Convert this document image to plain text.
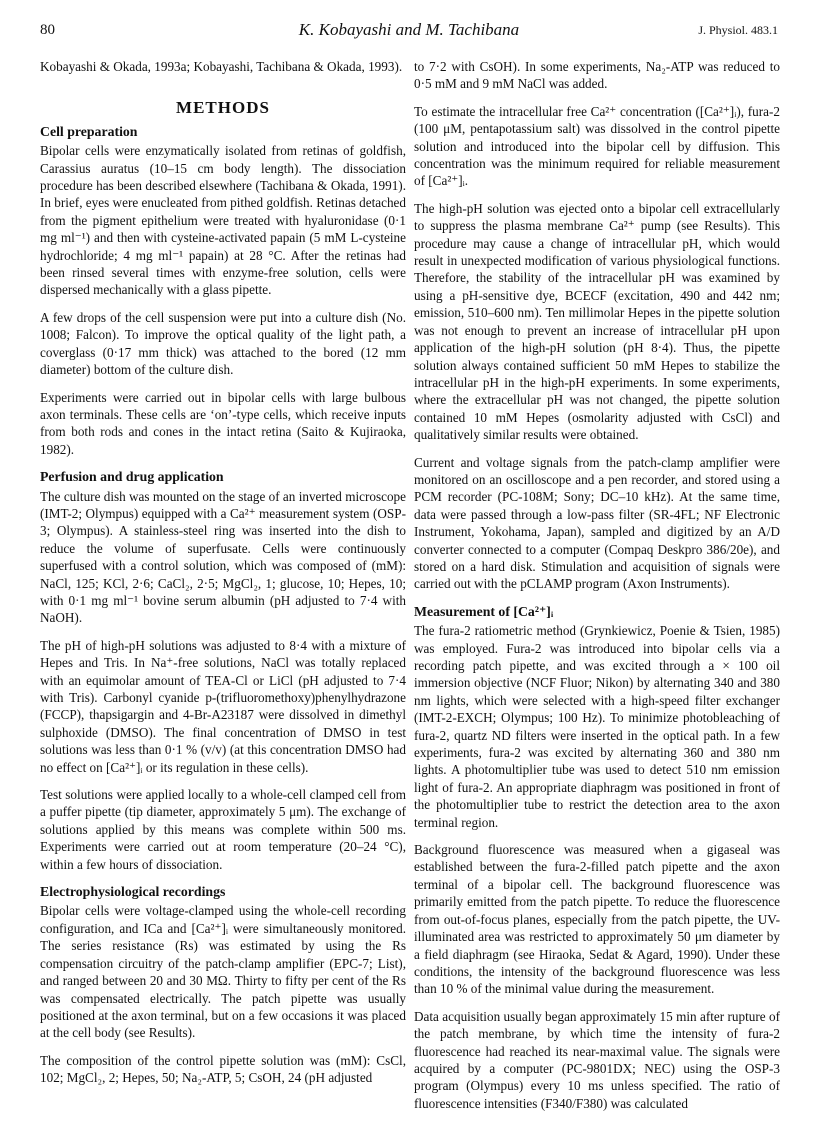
80	K. Kobayashi and M. Tachibana	J. Physiol. 483.1

Kobayashi & Okada, 1993a; Kobayashi, Tachibana & Okada, 1993).

METHODS
Cell preparation

Bipolar cells were enzymatically isolated from retinas of goldfish, Carassius auratus (10–15 cm body length). The dissociation procedure has been described elsewhere (Tachibana & Okada, 1991). In brief, eyes were enucleated from pithed goldfish. Retinas detached from the pigment epithelium were treated with hyaluronidase (0·1 mg ml⁻¹) and then with cysteine-activated papain (5 mM L-cysteine hydrochloride; 4 mg ml⁻¹ papain) at 28 °C. After the retinas had been rinsed several times with enzyme-free solution, cells were dispersed mechanically with a glass pipette.

A few drops of the cell suspension were put into a culture dish (No. 1008; Falcon). To improve the optical quality of the light path, a coverglass (0·17 mm thick) was attached to the bored (12 mm diameter) bottom of the culture dish.

Experiments were carried out in bipolar cells with large bulbous axon terminals. These cells are ‘on’-type cells, which receive inputs from both rods and cones in the intact retina (Saito & Kujiraoka, 1982).

Perfusion and drug application

The culture dish was mounted on the stage of an inverted microscope (IMT-2; Olympus) equipped with a Ca²⁺ measurement system (OSP-3; Olympus). A stainless-steel ring was inserted into the dish to reduce the volume of superfusate. Cells were continuously superfused with a control solution, which was composed of (mM): NaCl, 125; KCl, 2·6; CaCl₂, 2·5; MgCl₂, 1; glucose, 10; Hepes, 10; with 0·1 mg ml⁻¹ bovine serum albumin (pH adjusted to 7·4 with NaOH).

The pH of high-pH solutions was adjusted to 8·4 with a mixture of Hepes and Tris. In Na⁺-free solutions, NaCl was totally replaced with an equimolar amount of TEA-Cl or LiCl (pH adjusted to 7·4 with Tris). Carbonyl cyanide p-(trifluoromethoxy)phenylhydrazone (FCCP), thapsigargin and 4-Br-A23187 were dissolved in dimethyl sulphoxide (DMSO). The final concentration of DMSO in test solutions was less than 0·1 % (v/v) (at this concentration DMSO had no effect on [Ca²⁺]ᵢ or its regulation in these cells).

Test solutions were applied locally to a whole-cell clamped cell from a puffer pipette (tip diameter, approximately 5 μm). The exchange of solutions applied by this means was complete within 500 ms. Experiments were carried out at room temperature (20–24 °C), within a few hours of dissociation.

Electrophysiological recordings

Bipolar cells were voltage-clamped using the whole-cell recording configuration, and ICa and [Ca²⁺]ᵢ were simultaneously monitored. The series resistance (Rs) was estimated by using the Rs compensation circuitry of the patch-clamp amplifier (EPC-7; List), and ranged between 20 and 30 MΩ. Thirty to fifty per cent of the Rs was compensated electrically. The patch pipette was usually positioned at the axon terminal, but on a few occasions it was placed at the cell body (see Results).

The composition of the control pipette solution was (mM): CsCl, 102; MgCl₂, 2; Hepes, 50; Na₂-ATP, 5; CsOH, 24 (pH adjusted

to 7·2 with CsOH). In some experiments, Na₂-ATP was reduced to 0·5 mM and 9 mM NaCl was added.

To estimate the intracellular free Ca²⁺ concentration ([Ca²⁺]ᵢ), fura-2 (100 μM, pentapotassium salt) was dissolved in the control pipette solution and introduced into the bipolar cell by diffusion. This concentration was the minimum required for reliable measurement of [Ca²⁺]ᵢ.

The high-pH solution was ejected onto a bipolar cell extracellularly to suppress the plasma membrane Ca²⁺ pump (see Results). This procedure may cause a change of intracellular pH, which would result in unexpected modification of various physiological functions. Therefore, the stability of the intracellular pH was examined by using a pH-sensitive dye, BCECF (excitation, 490 and 442 nm; emission, 510–600 nm). Ten millimolar Hepes in the pipette solution was not enough to prevent an increase of intracellular pH upon application of the high-pH solution (pH 8·4). Thus, the pipette solution always contained sufficient 50 mM Hepes to stabilize the intracellular pH in the high-pH experiments. In some experiments, where the extracellular pH was not changed, the pipette solution contained 10 mM Hepes (osmolarity adjusted with CsCl) and qualitatively similar results were obtained.

Current and voltage signals from the patch-clamp amplifier were monitored on an oscilloscope and a pen recorder, and stored using a PCM recorder (PC-108M; Sony; DC–10 kHz). At the same time, data were passed through a low-pass filter (SR-4FL; NF Electronic Instrument, Yokohama, Japan), sampled and digitized by an A/D converter connected to a computer (Compaq Deskpro 386/20e), and stored on a hard disk. Stimulation and acquisition of signals were carried out with the pCLAMP program (Axon Instruments).

Measurement of [Ca²⁺]ᵢ

The fura-2 ratiometric method (Grynkiewicz, Poenie & Tsien, 1985) was employed. Fura-2 was introduced into bipolar cells via a recording patch pipette, and was excited through a × 100 oil immersion objective (NCF Fluor; Nikon) by alternating 340 and 380 nm lights, which were selected with a high-speed filter exchanger (IMT-2-EXCH; Olympus; 100 Hz). To minimize photobleaching of fura-2, quartz ND filters were inserted in the optical path. In a few experiments, fura-2 was excited by alternating 360 and 380 nm lights. A photomultiplier tube was used to detect 510 nm emission light of fura-2. An appropriate diaphragm was positioned in front of the photomultiplier tube to restrict the detection area to the axon terminal region.

Background fluorescence was measured when a gigaseal was established between the fura-2-filled patch pipette and the axon terminal of a bipolar cell. The background fluorescence was primarily emitted from the patch pipette. To reduce the fluorescence from out-of-focus planes, especially from the patch pipette, the UV-illuminated area was restricted to approximately 50 μm diameter by a field diaphragm (see Hiraoka, Sedat & Agard, 1990). Under these conditions, the intensity of the background fluorescence was less than 10 % of the minimal value during the measurement.

Data acquisition usually began approximately 15 min after rupture of the patch membrane, by which time the intensity of fura-2 fluorescence had reached its near-maximal value. The signals were acquired by a computer (PC-9801DX; NEC) using the OSP-3 program (Olympus) every 10 ms unless specified. The ratio of fluorescence intensities (F340/F380) was calculated
